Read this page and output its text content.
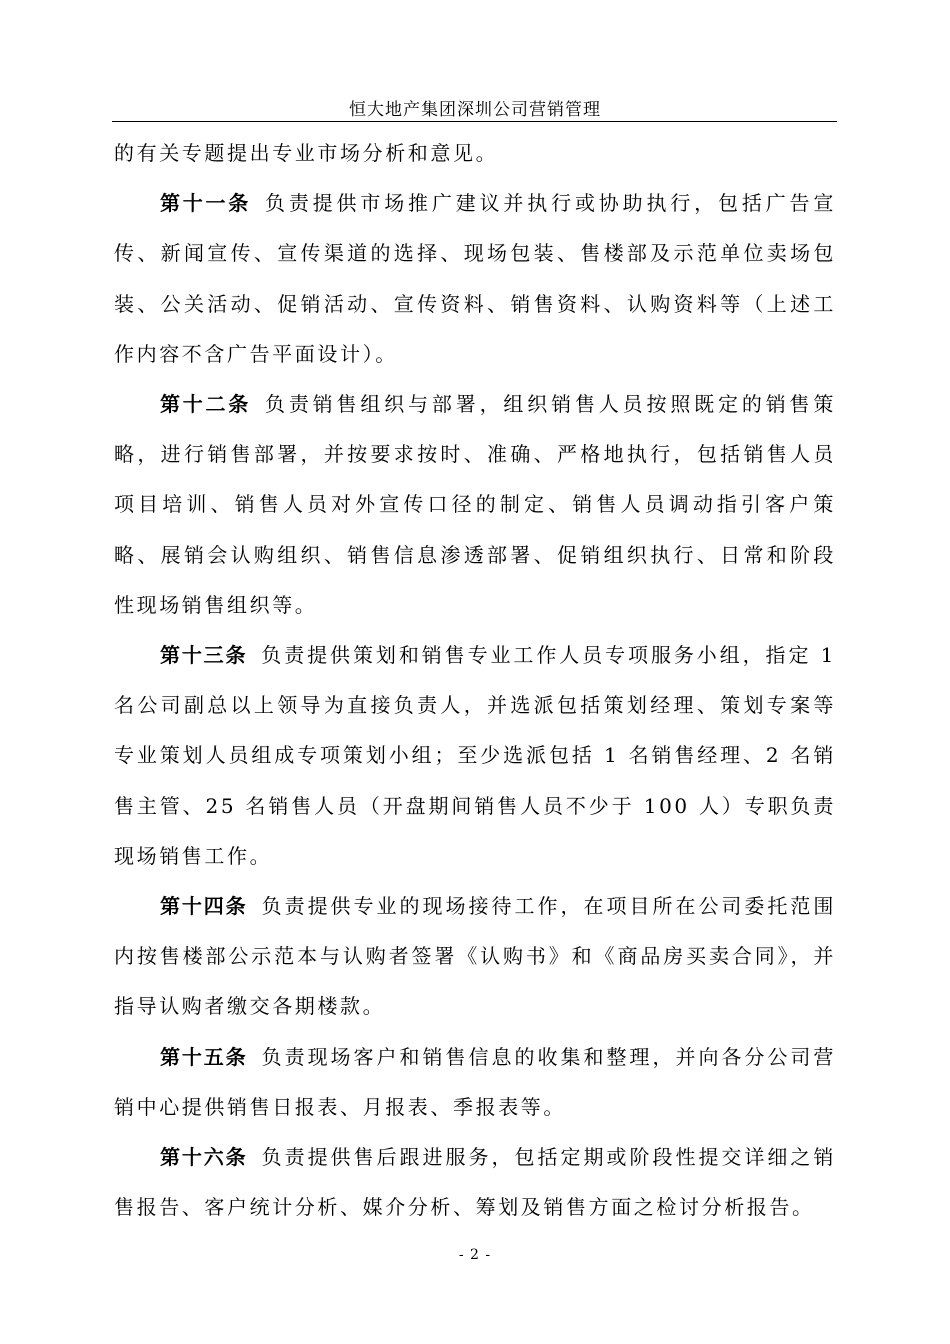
恒大地产集团深圳公司营销管理

的有关专题提出专业市场分析和意见。

第十一条 负责提供市场推广建议并执行或协助执行，包括广告宣传、新闻宣传、宣传渠道的选择、现场包装、售楼部及示范单位卖场包装、公关活动、促销活动、宣传资料、销售资料、认购资料等（上述工作内容不含广告平面设计）。

第十二条 负责销售组织与部署，组织销售人员按照既定的销售策略，进行销售部署，并按要求按时、准确、严格地执行，包括销售人员项目培训、销售人员对外宣传口径的制定、销售人员调动指引客户策略、展销会认购组织、销售信息渗透部署、促销组织执行、日常和阶段性现场销售组织等。

第十三条 负责提供策划和销售专业工作人员专项服务小组，指定 1 名公司副总以上领导为直接负责人，并选派包括策划经理、策划专案等专业策划人员组成专项策划小组；至少选派包括 1 名销售经理、2 名销售主管、25 名销售人员（开盘期间销售人员不少于 100 人）专职负责现场销售工作。

第十四条 负责提供专业的现场接待工作，在项目所在公司委托范围内按售楼部公示范本与认购者签署《认购书》和《商品房买卖合同》，并指导认购者缴交各期楼款。

第十五条 负责现场客户和销售信息的收集和整理，并向各分公司营销中心提供销售日报表、月报表、季报表等。

第十六条 负责提供售后跟进服务，包括定期或阶段性提交详细之销售报告、客户统计分析、媒介分析、筹划及销售方面之检讨分析报告。

- 2 -
